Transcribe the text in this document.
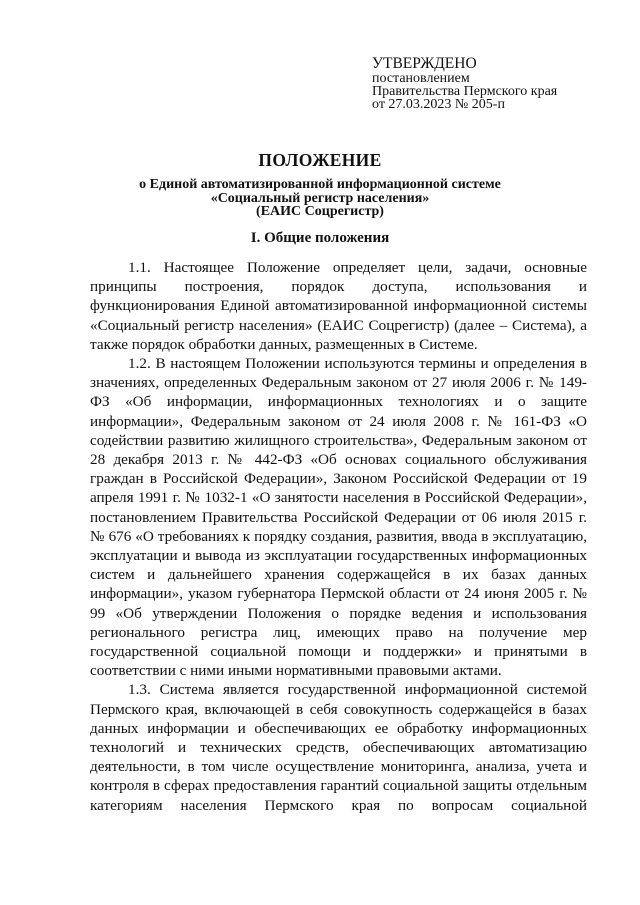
УТВЕРЖДЕНО
постановлением
Правительства Пермского края
от 27.03.2023 № 205-п
ПОЛОЖЕНИЕ
о Единой автоматизированной информационной системе
«Социальный регистр населения»
(ЕАИС Соцрегистр)
I. Общие положения

1.1. Настоящее Положение определяет цели, задачи, основные принципы построения, порядок доступа, использования и функционирования Единой автоматизированной информационной системы «Социальный регистр населения» (ЕАИС Соцрегистр) (далее – Система), а также порядок обработки данных, размещенных в Системе.

1.2. В настоящем Положении используются термины и определения в значениях, определенных Федеральным законом от 27 июля 2006 г. № 149-ФЗ «Об информации, информационных технологиях и о защите информации», Федеральным законом от 24 июля 2008 г. № 161-ФЗ «О содействии развитию жилищного строительства», Федеральным законом от 28 декабря 2013 г. № 442-ФЗ «Об основах социального обслуживания граждан в Российской Федерации», Законом Российской Федерации от 19 апреля 1991 г. № 1032-1 «О занятости населения в Российской Федерации», постановлением Правительства Российской Федерации от 06 июля 2015 г. № 676 «О требованиях к порядку создания, развития, ввода в эксплуатацию, эксплуатации и вывода из эксплуатации государственных информационных систем и дальнейшего хранения содержащейся в их базах данных информации», указом губернатора Пермской области от 24 июня 2005 г. № 99 «Об утверждении Положения о порядке ведения и использования регионального регистра лиц, имеющих право на получение мер государственной социальной помощи и поддержки» и принятыми в соответствии с ними иными нормативными правовыми актами.

1.3. Система является государственной информационной системой Пермского края, включающей в себя совокупность содержащейся в базах данных информации и обеспечивающих ее обработку информационных технологий и технических средств, обеспечивающих автоматизацию деятельности, в том числе осуществление мониторинга, анализа, учета и контроля в сферах предоставления гарантий социальной защиты отдельным категориям населения Пермского края по вопросам социальной
